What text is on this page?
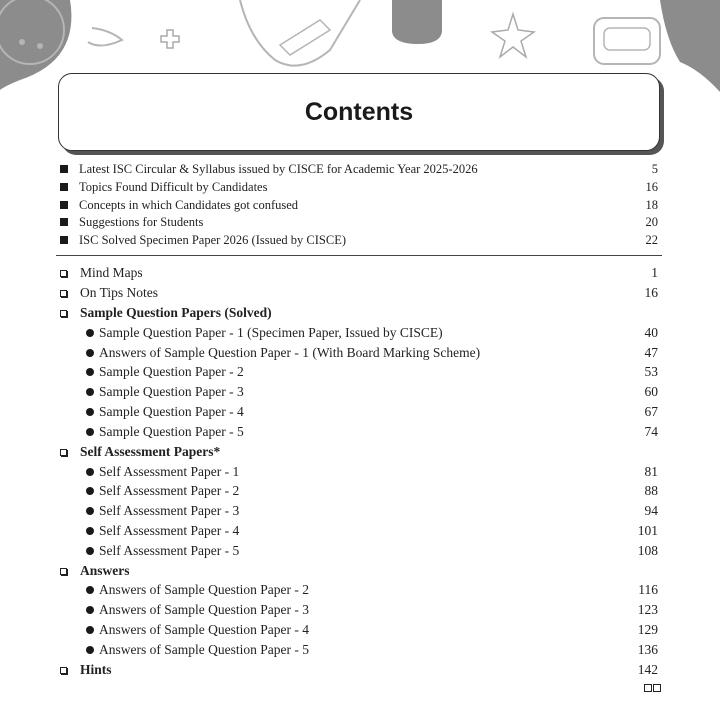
Contents
Latest ISC Circular & Syllabus issued by CISCE for Academic Year 2025-2026	5
Topics Found Difficult by Candidates	16
Concepts in which Candidates got confused	18
Suggestions for Students	20
ISC Solved Specimen Paper 2026 (Issued by CISCE)	22
Mind Maps	1
On Tips Notes	16
Sample Question Papers (Solved)
Sample Question Paper - 1 (Specimen Paper, Issued by CISCE)	40
Answers of Sample Question Paper - 1 (With Board Marking Scheme)	47
Sample Question Paper - 2	53
Sample Question Paper - 3	60
Sample Question Paper - 4	67
Sample Question Paper - 5	74
Self Assessment Papers*
Self Assessment Paper - 1	81
Self Assessment Paper - 2	88
Self Assessment Paper - 3	94
Self Assessment Paper - 4	101
Self Assessment Paper - 5	108
Answers
Answers of Sample Question Paper - 2	116
Answers of Sample Question Paper - 3	123
Answers of Sample Question Paper - 4	129
Answers of Sample Question Paper - 5	136
Hints	142
